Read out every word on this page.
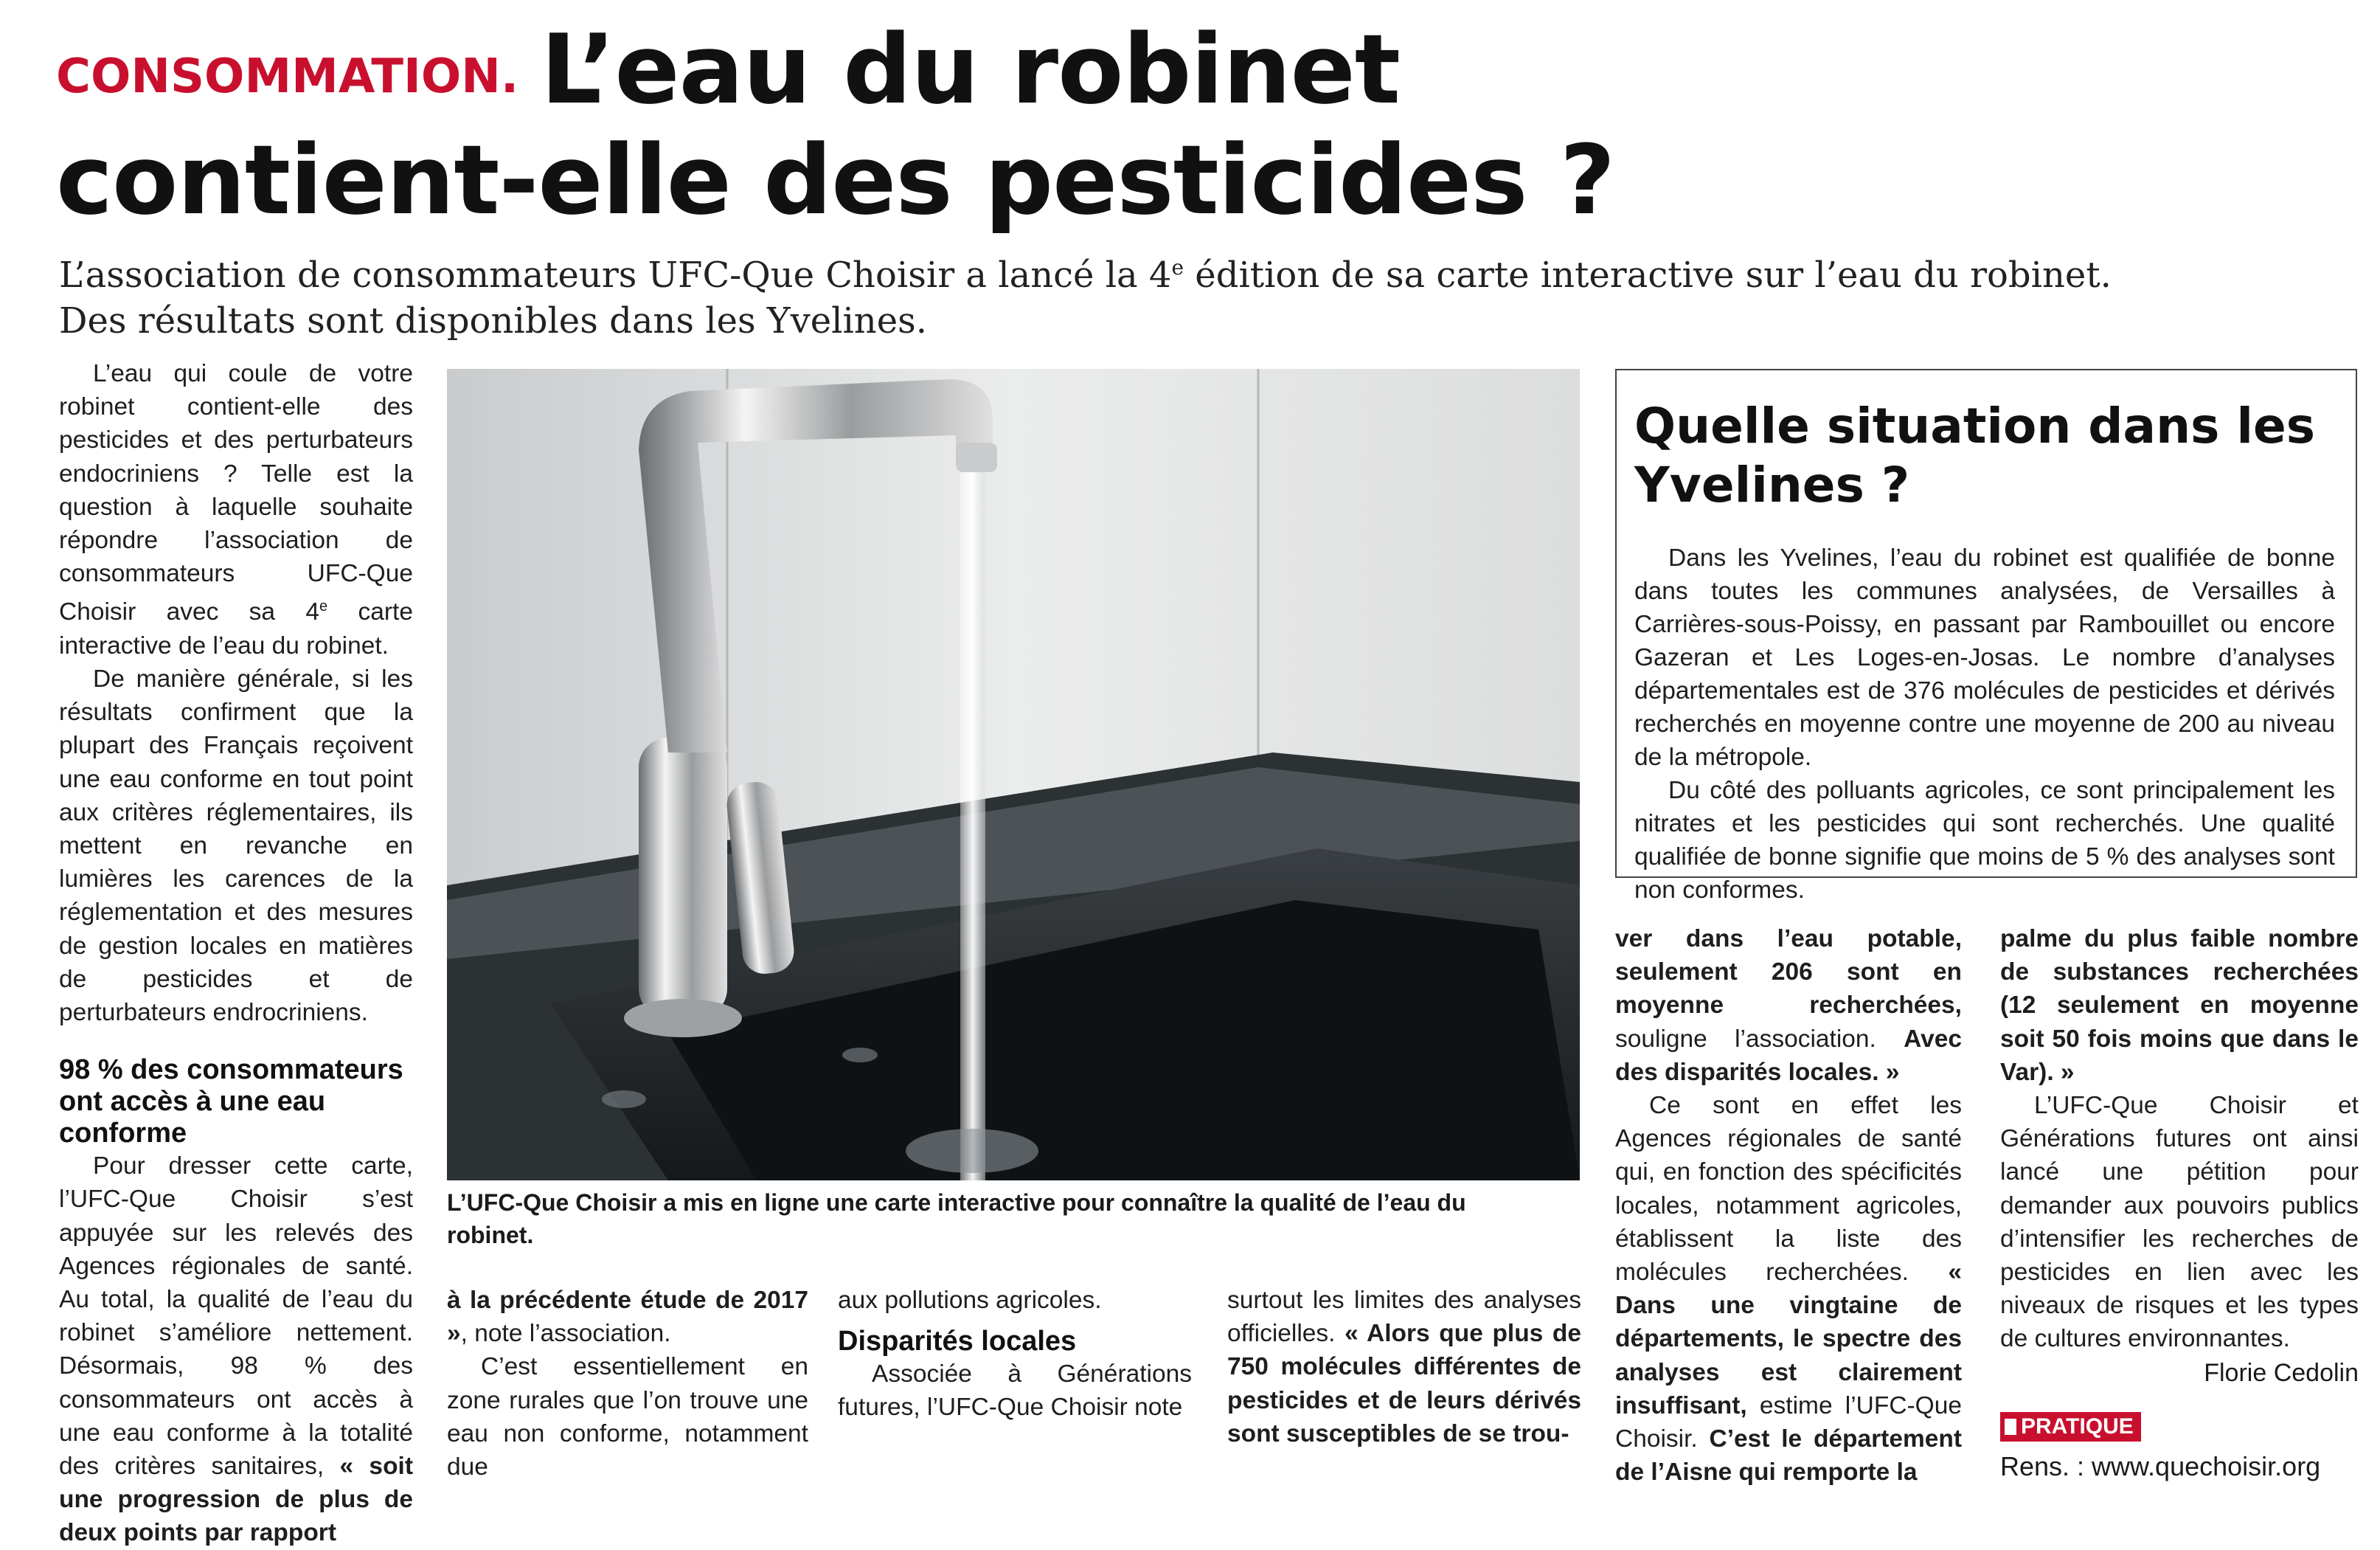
CONSOMMATION. L’eau du robinet
contient-elle des pesticides ?
L’association de consommateurs UFC-Que Choisir a lancé la 4e édition de sa carte interactive sur l’eau du robinet.
Des résultats sont disponibles dans les Yvelines.

L’eau qui coule de votre robinet contient-elle des pesticides et des perturbateurs endocriniens ? Telle est la question à laquelle souhaite répondre l’association de consommateurs UFC-Que Choisir avec sa 4e carte interactive de l’eau du robinet.

De manière générale, si les résultats confirment que la plupart des Français reçoivent une eau conforme en tout point aux critères réglementaires, ils mettent en revanche en lumières les carences de la réglementation et des mesures de gestion locales en matières de pesticides et de perturbateurs endrocriniens.

98 % des consommateurs ont accès à une eau conforme

Pour dresser cette carte, l’UFC-Que Choisir s’est appuyée sur les relevés des Agences régionales de santé. Au total, la qualité de l’eau du robinet s’améliore nettement. Désormais, 98 % des consommateurs ont accès à une eau conforme à la totalité des critères sanitaires, « soit une progression de plus de deux points par rapport

L’UFC-Que Choisir a mis en ligne une carte interactive pour connaître la qualité de l’eau du robinet.

à la précédente étude de 2017 », note l’association.

C’est essentiellement en zone rurales que l’on trouve une eau non conforme, notamment due

aux pollutions agricoles.

Disparités locales

Associée à Générations futures, l’UFC-Que Choisir note

surtout les limites des analyses officielles. « Alors que plus de 750 molécules différentes de pesticides et de leurs dérivés sont susceptibles de se trou-

Quelle situation dans les Yvelines ?

Dans les Yvelines, l’eau du robinet est qualifiée de bonne dans toutes les communes analysées, de Versailles à Carrières-sous-Poissy, en passant par Rambouillet ou encore Gazeran et Les Loges-en-Josas. Le nombre d’analyses départementales est de 376 molécules de pesticides et dérivés recherchés en moyenne contre une moyenne de 200 au niveau de la métropole.

Du côté des polluants agricoles, ce sont principalement les nitrates et les pesticides qui sont recherchés. Une qualité qualifiée de bonne signifie que moins de 5 % des analyses sont non conformes.

ver dans l’eau potable, seulement 206 sont en moyenne recherchées, souligne l’association. Avec des disparités locales. »

Ce sont en effet les Agences régionales de santé qui, en fonction des spécificités locales, notamment agricoles, établissent la liste des molécules recherchées. « Dans une vingtaine de départements, le spectre des analyses est clairement insuffisant, estime l’UFC-Que Choisir. C’est le département de l’Aisne qui remporte la

palme du plus faible nombre de substances recherchées (12 seulement en moyenne soit 50 fois moins que dans le Var). »

L’UFC-Que Choisir et Générations futures ont ainsi lancé une pétition pour demander aux pouvoirs publics d’intensifier les recherches de pesticides en lien avec les niveaux de risques et les types de cultures environnantes.

Florie Cedolin
PRATIQUE
Rens. : www.quechoisir.org
